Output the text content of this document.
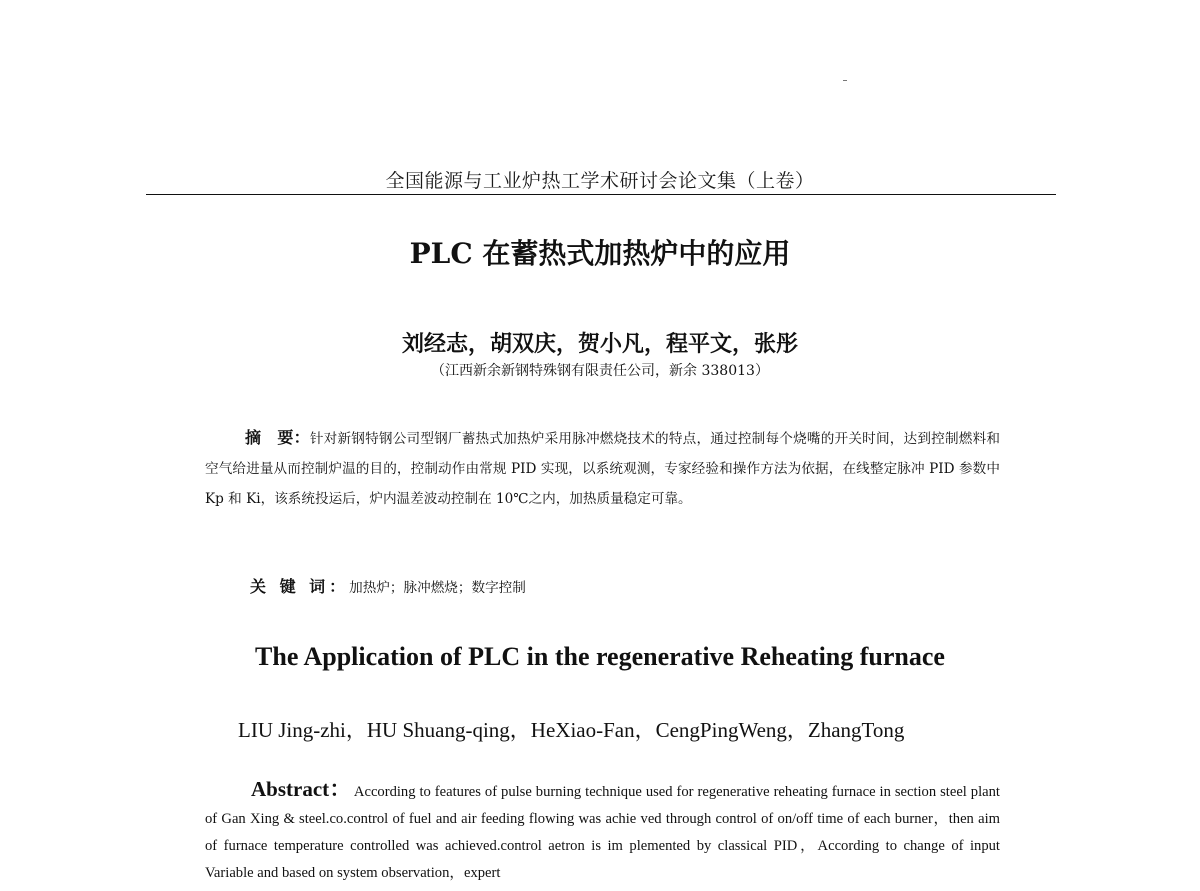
全国能源与工业炉热工学术研讨会论文集（上卷）
PLC 在蓄热式加热炉中的应用
刘经志，胡双庆，贺小凡，程平文，张彤
（江西新余新钢特殊钢有限责任公司，新余 338013）
摘　要：针对新钢特钢公司型钢厂蓄热式加热炉采用脉冲燃烧技术的特点，通过控制每个烧嘴的开关时间，达到控制燃料和空气给进量从而控制炉温的目的，控制动作由常规 PID 实现，以系统观测，专家经验和操作方法为依据，在线整定脉冲 PID 参数中 Kp 和 Ki，该系统投运后，炉内温差波动控制在 10℃之内，加热质量稳定可靠。
关 键 词：加热炉；脉冲燃烧；数字控制
The Application of PLC in the regenerative Reheating furnace
LIU Jing-zhi，HU Shuang-qing，HeXiao-Fan，CengPingWeng，ZhangTong
Abstract： According to features of pulse burning technique used for regenerative reheating furnace in section steel plant of Gan Xing & steel.co.control of fuel and air feeding flowing was achie ved through control of on/off time of each burner，then aim of furnace temperature controlled was achieved.control aetron is im plemented by classical PID，According to change of input Variable and based on system observation，expert
